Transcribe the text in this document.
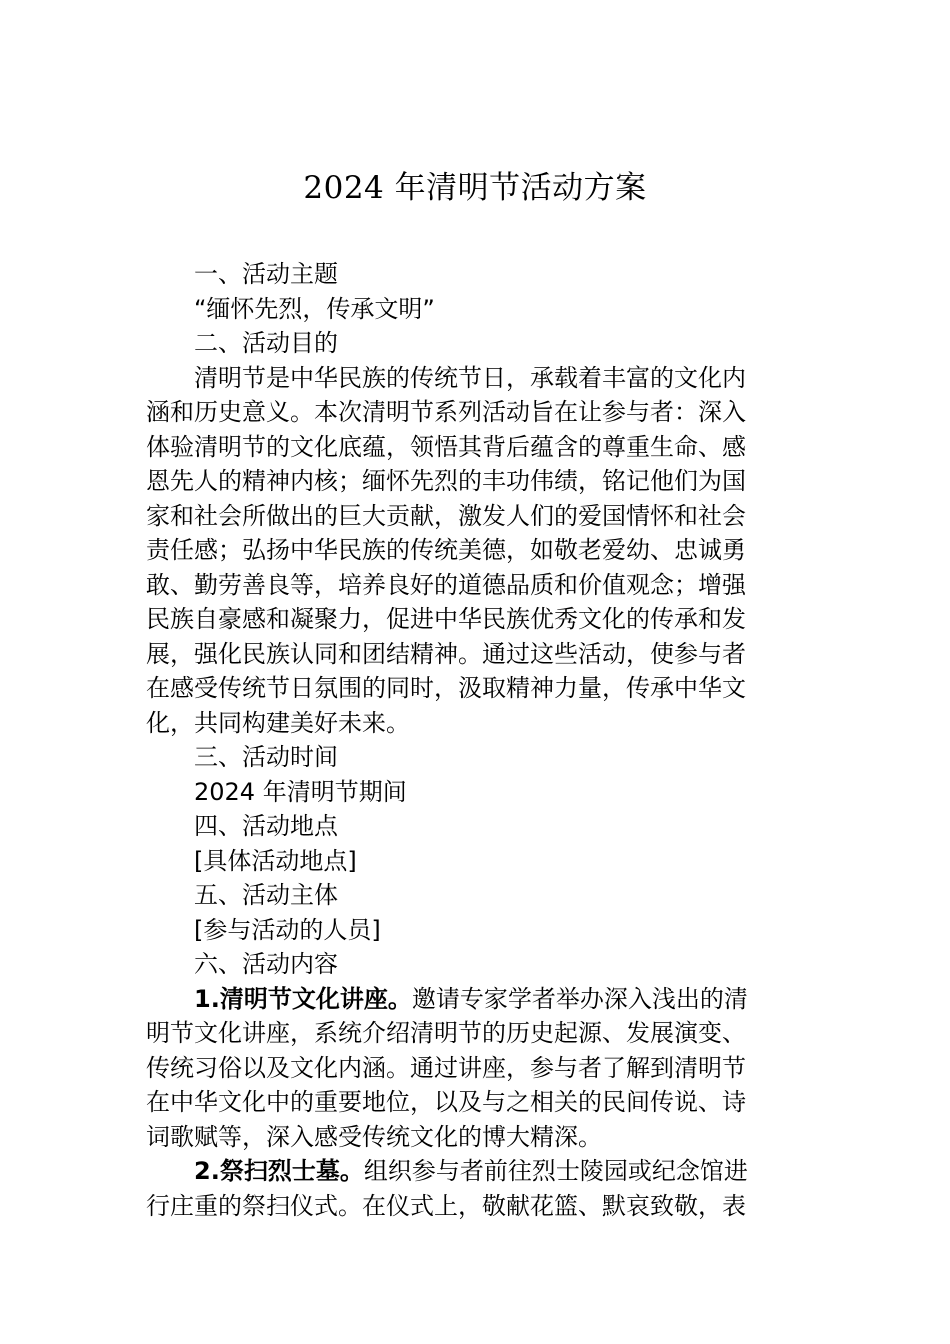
2024 年清明节活动方案

一、活动主题

“缅怀先烈，传承文明”

二、活动目的

清明节是中华民族的传统节日，承载着丰富的文化内
涵和历史意义。本次清明节系列活动旨在让参与者：深入
体验清明节的文化底蕴，领悟其背后蕴含的尊重生命、感
恩先人的精神内核；缅怀先烈的丰功伟绩，铭记他们为国
家和社会所做出的巨大贡献，激发人们的爱国情怀和社会
责任感；弘扬中华民族的传统美德，如敬老爱幼、忠诚勇
敢、勤劳善良等，培养良好的道德品质和价值观念；增强
民族自豪感和凝聚力，促进中华民族优秀文化的传承和发
展，强化民族认同和团结精神。通过这些活动，使参与者
在感受传统节日氛围的同时，汲取精神力量，传承中华文
化，共同构建美好未来。

三、活动时间

2024 年清明节期间

四、活动地点

[具体活动地点]

五、活动主体

[参与活动的人员]

六、活动内容

1.清明节文化讲座。邀请专家学者举办深入浅出的清
明节文化讲座，系统介绍清明节的历史起源、发展演变、
传统习俗以及文化内涵。通过讲座，参与者了解到清明节
在中华文化中的重要地位，以及与之相关的民间传说、诗
词歌赋等，深入感受传统文化的博大精深。
2.祭扫烈士墓。组织参与者前往烈士陵园或纪念馆进
行庄重的祭扫仪式。在仪式上，敬献花篮、默哀致敬，表
